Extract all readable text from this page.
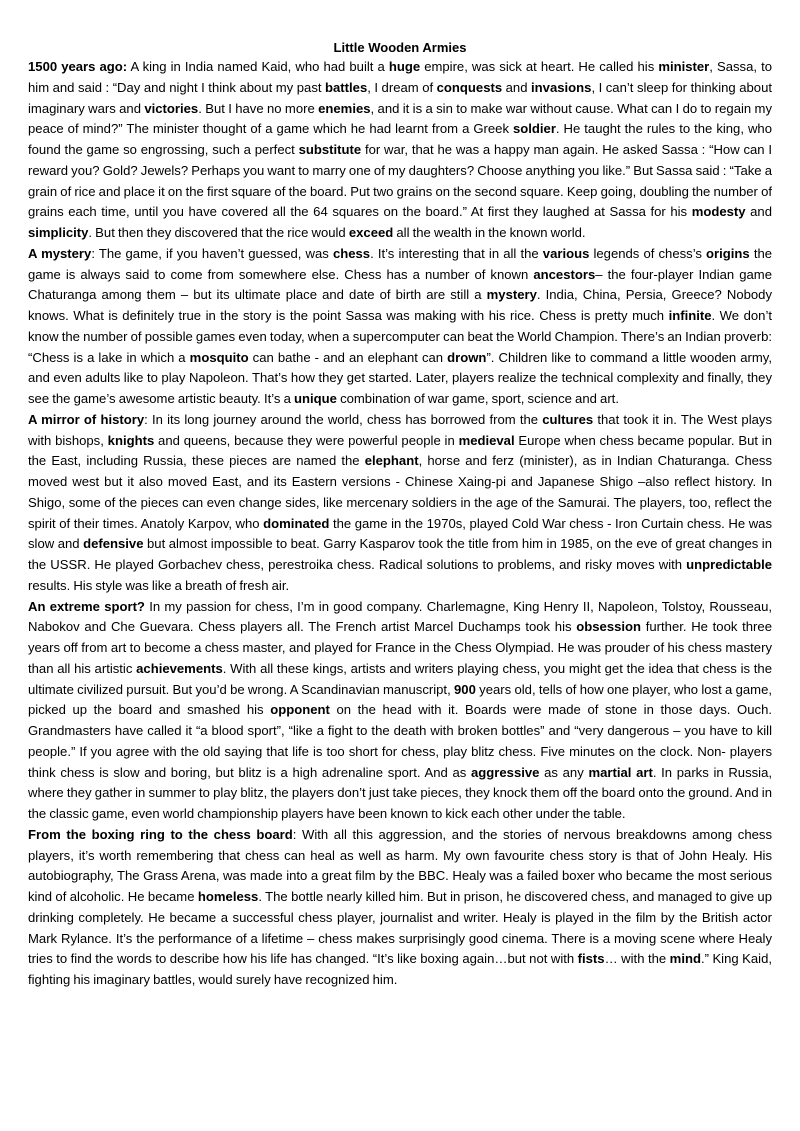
Little Wooden Armies

1500 years ago: A king in India named Kaid, who had built a huge empire, was sick at heart. He called his minister, Sassa, to him and said : “Day and night I think about my past battles, I dream of conquests and invasions, I can’t sleep for thinking about imaginary wars and victories. But I have no more enemies, and it is a sin to make war without cause. What can I do to regain my peace of mind?” The minister thought of a game which he had learnt from a Greek soldier. He taught the rules to the king, who found the game so engrossing, such a perfect substitute for war, that he was a happy man again. He asked Sassa : “How can I reward you? Gold? Jewels? Perhaps you want to marry one of my daughters? Choose anything you like.” But Sassa said : “Take a grain of rice and place it on the first square of the board. Put two grains on the second square. Keep going, doubling the number of grains each time, until you have covered all the 64 squares on the board.” At first they laughed at Sassa for his modesty and simplicity. But then they discovered that the rice would exceed all the wealth in the known world.

A mystery: The game, if you haven’t guessed, was chess. It’s interesting that in all the various legends of chess’s origins the game is always said to come from somewhere else. Chess has a number of known ancestors– the four-player Indian game Chaturanga among them – but its ultimate place and date of birth are still a mystery. India, China, Persia, Greece? Nobody knows. What is definitely true in the story is the point Sassa was making with his rice. Chess is pretty much infinite. We don’t know the number of possible games even today, when a supercomputer can beat the World Champion. There’s an Indian proverb: “Chess is a lake in which a mosquito can bathe - and an elephant can drown”. Children like to command a little wooden army, and even adults like to play Napoleon. That’s how they get started. Later, players realize the technical complexity and finally, they see the game’s awesome artistic beauty. It’s a unique combination of war game, sport, science and art.

A mirror of history: In its long journey around the world, chess has borrowed from the cultures that took it in. The West plays with bishops, knights and queens, because they were powerful people in medieval Europe when chess became popular. But in the East, including Russia, these pieces are named the elephant, horse and ferz (minister), as in Indian Chaturanga. Chess moved west but it also moved East, and its Eastern versions - Chinese Xaing-pi and Japanese Shigo –also reflect history. In Shigo, some of the pieces can even change sides, like mercenary soldiers in the age of the Samurai. The players, too, reflect the spirit of their times. Anatoly Karpov, who dominated the game in the 1970s, played Cold War chess - Iron Curtain chess. He was slow and defensive but almost impossible to beat. Garry Kasparov took the title from him in 1985, on the eve of great changes in the USSR. He played Gorbachev chess, perestroika chess. Radical solutions to problems, and risky moves with unpredictable results. His style was like a breath of fresh air.

An extreme sport? In my passion for chess, I’m in good company. Charlemagne, King Henry II, Napoleon, Tolstoy, Rousseau, Nabokov and Che Guevara. Chess players all. The French artist Marcel Duchamps took his obsession further. He took three years off from art to become a chess master, and played for France in the Chess Olympiad. He was prouder of his chess mastery than all his artistic achievements. With all these kings, artists and writers playing chess, you might get the idea that chess is the ultimate civilized pursuit. But you’d be wrong. A Scandinavian manuscript, 900 years old, tells of how one player, who lost a game, picked up the board and smashed his opponent on the head with it. Boards were made of stone in those days. Ouch. Grandmasters have called it “a blood sport”, “like a fight to the death with broken bottles” and “very dangerous – you have to kill people.” If you agree with the old saying that life is too short for chess, play blitz chess. Five minutes on the clock. Non- players think chess is slow and boring, but blitz is a high adrenaline sport. And as aggressive as any martial art. In parks in Russia, where they gather in summer to play blitz, the players don’t just take pieces, they knock them off the board onto the ground. And in the classic game, even world championship players have been known to kick each other under the table.

From the boxing ring to the chess board: With all this aggression, and the stories of nervous breakdowns among chess players, it’s worth remembering that chess can heal as well as harm. My own favourite chess story is that of John Healy. His autobiography, The Grass Arena, was made into a great film by the BBC. Healy was a failed boxer who became the most serious kind of alcoholic. He became homeless. The bottle nearly killed him. But in prison, he discovered chess, and managed to give up drinking completely. He became a successful chess player, journalist and writer. Healy is played in the film by the British actor Mark Rylance. It’s the performance of a lifetime – chess makes surprisingly good cinema. There is a moving scene where Healy tries to find the words to describe how his life has changed. “It’s like boxing again…but not with fists… with the mind.” King Kaid, fighting his imaginary battles, would surely have recognized him.
